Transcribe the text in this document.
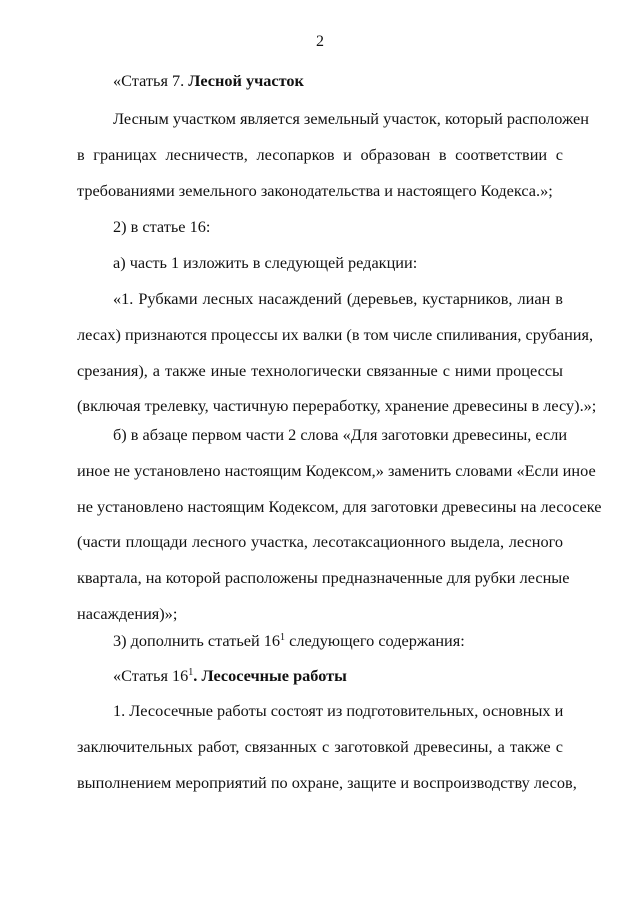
2
«Статья 7. Лесной участок
Лесным участком является земельный участок, который расположен
в границах лесничеств, лесопарков и образован в соответствии с
требованиями земельного законодательства и настоящего Кодекса.»;
2) в статье 16:
а) часть 1 изложить в следующей редакции:
«1. Рубками лесных насаждений (деревьев, кустарников, лиан в
лесах) признаются процессы их валки (в том числе спиливания, срубания,
срезания), а также иные технологически связанные с ними процессы
(включая трелевку, частичную переработку, хранение древесины в лесу).»;
б) в абзаце первом части 2 слова «Для заготовки древесины, если
иное не установлено настоящим Кодексом,» заменить словами «Если иное
не установлено настоящим Кодексом, для заготовки древесины на лесосеке
(части площади лесного участка, лесотаксационного выдела, лесного
квартала, на которой расположены предназначенные для рубки лесные
насаждения)»;
3) дополнить статьей $16^1$ следующего содержания:
«Статья $16^1$. Лесосечные работы
1. Лесосечные работы состоят из подготовительных, основных и
заключительных работ, связанных с заготовкой древесины, а также с
выполнением мероприятий по охране, защите и воспроизводству лесов,
